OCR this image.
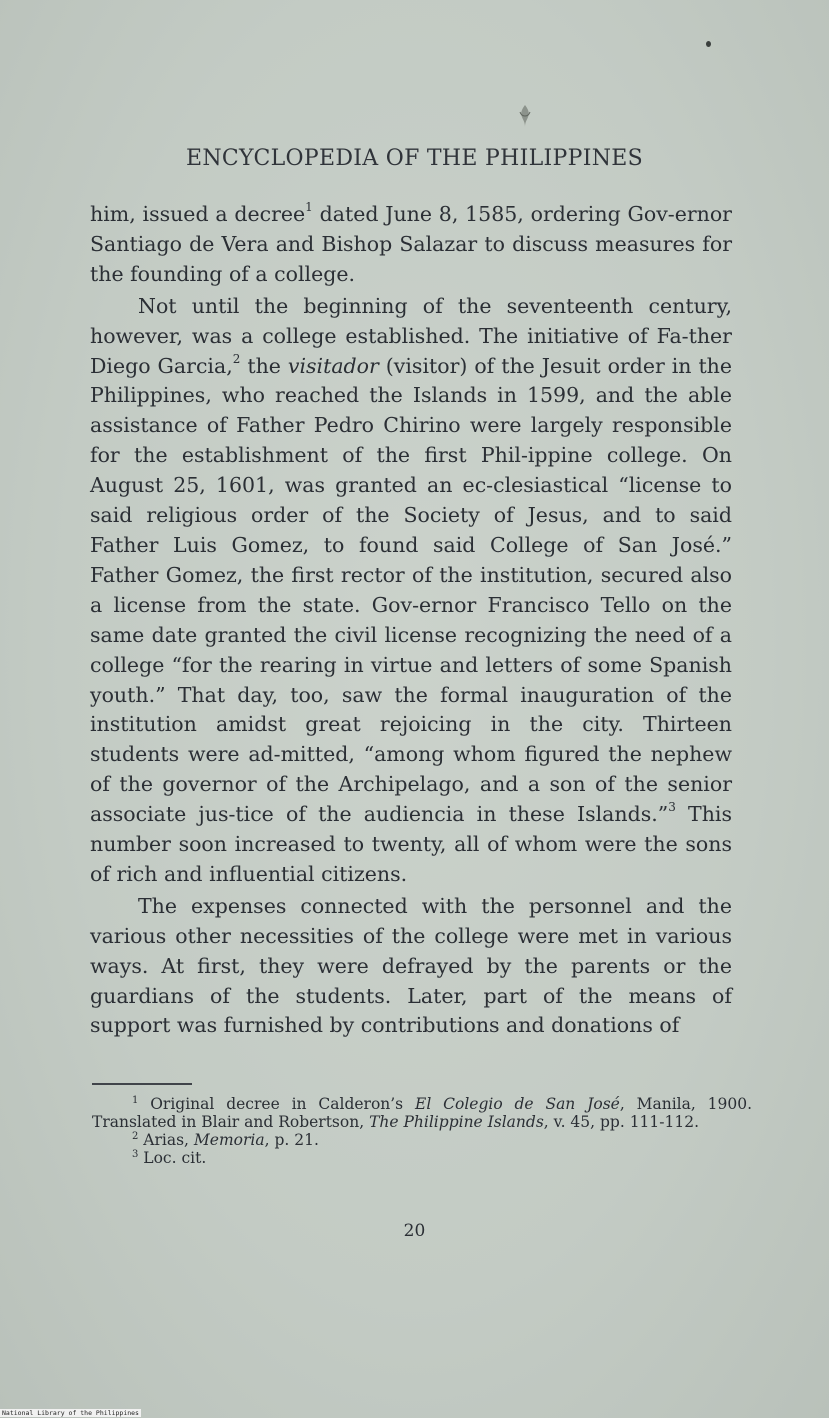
ENCYCLOPEDIA OF THE PHILIPPINES

him, issued a decree$^1$ dated June 8, 1585, ordering Gov-ernor Santiago de Vera and Bishop Salazar to discuss measures for the founding of a college.

Not until the beginning of the seventeenth century, however, was a college established. The initiative of Fa-ther Diego Garcia,$^2$ the visitador (visitor) of the Jesuit order in the Philippines, who reached the Islands in 1599, and the able assistance of Father Pedro Chirino were largely responsible for the establishment of the first Phil-ippine college. On August 25, 1601, was granted an ec-clesiastical “license to said religious order of the Society of Jesus, and to said Father Luis Gomez, to found said College of San José.” Father Gomez, the first rector of the institution, secured also a license from the state. Gov-ernor Francisco Tello on the same date granted the civil license recognizing the need of a college “for the rearing in virtue and letters of some Spanish youth.” That day, too, saw the formal inauguration of the institution amidst great rejoicing in the city. Thirteen students were ad-mitted, “among whom figured the nephew of the governor of the Archipelago, and a son of the senior associate jus-tice of the audiencia in these Islands.”$^3$ This number soon increased to twenty, all of whom were the sons of rich and influential citizens.

The expenses connected with the personnel and the various other necessities of the college were met in various ways. At first, they were defrayed by the parents or the guardians of the students. Later, part of the means of support was furnished by contributions and donations of

$^1$ Original decree in Calderon’s El Colegio de San José, Manila, 1900. Translated in Blair and Robertson, The Philippine Islands, v. 45, pp. 111-112.

$^2$ Arias, Memoria, p. 21.

$^3$ Loc. cit.

20
National Library of the Philippines
